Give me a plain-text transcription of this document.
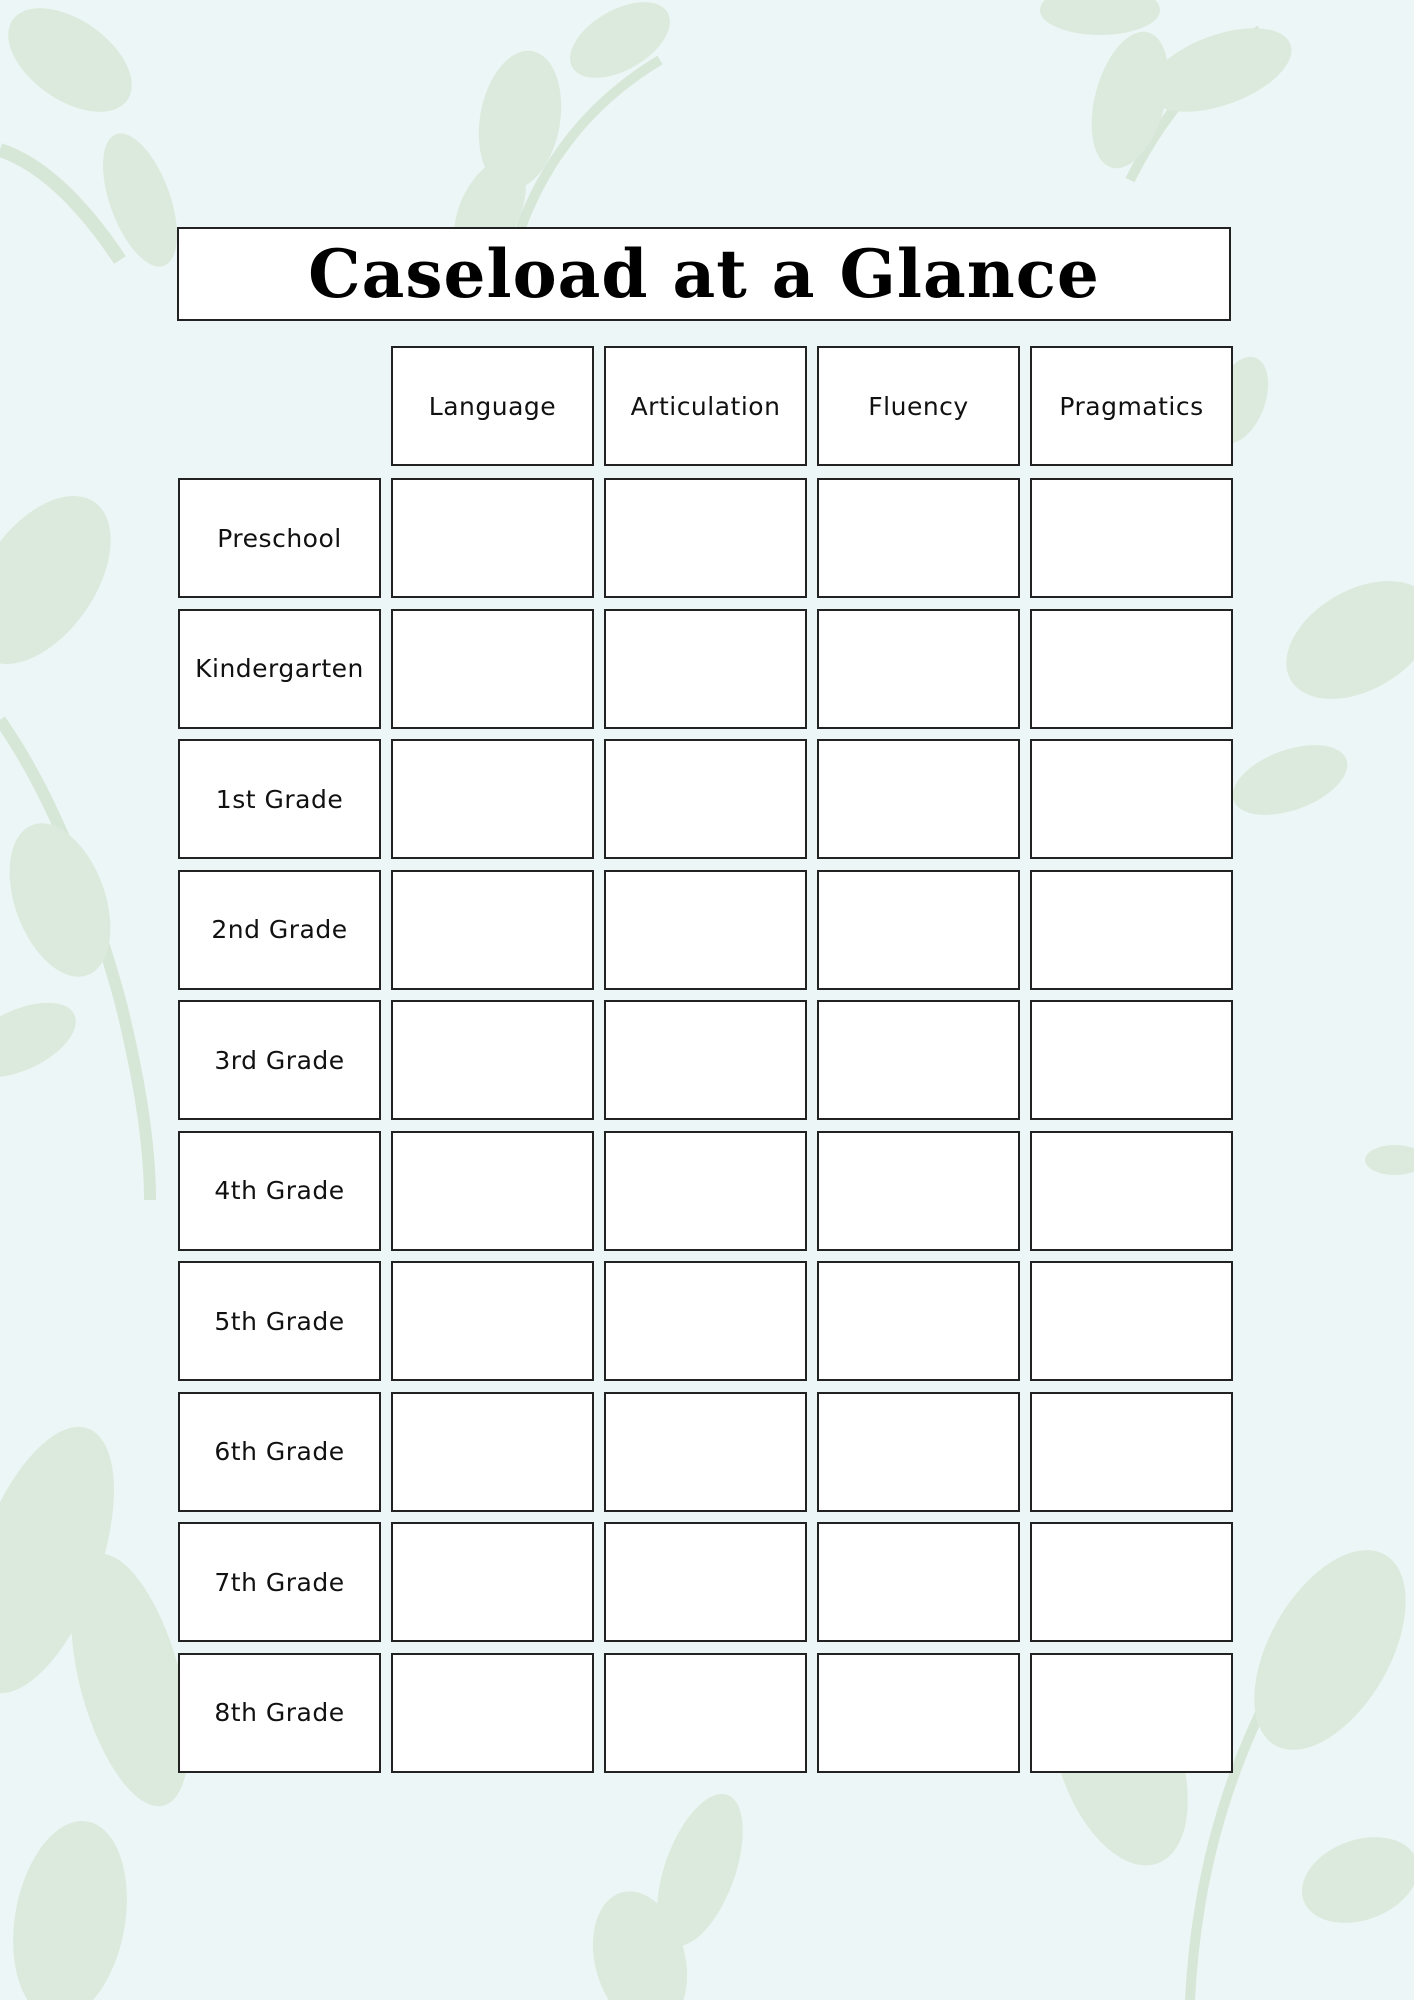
Caseload at a Glance
Language	Articulation	Fluency	Pragmatics
Preschool
Kindergarten
1st Grade
2nd Grade
3rd Grade
4th Grade
5th Grade
6th Grade
7th Grade
8th Grade
